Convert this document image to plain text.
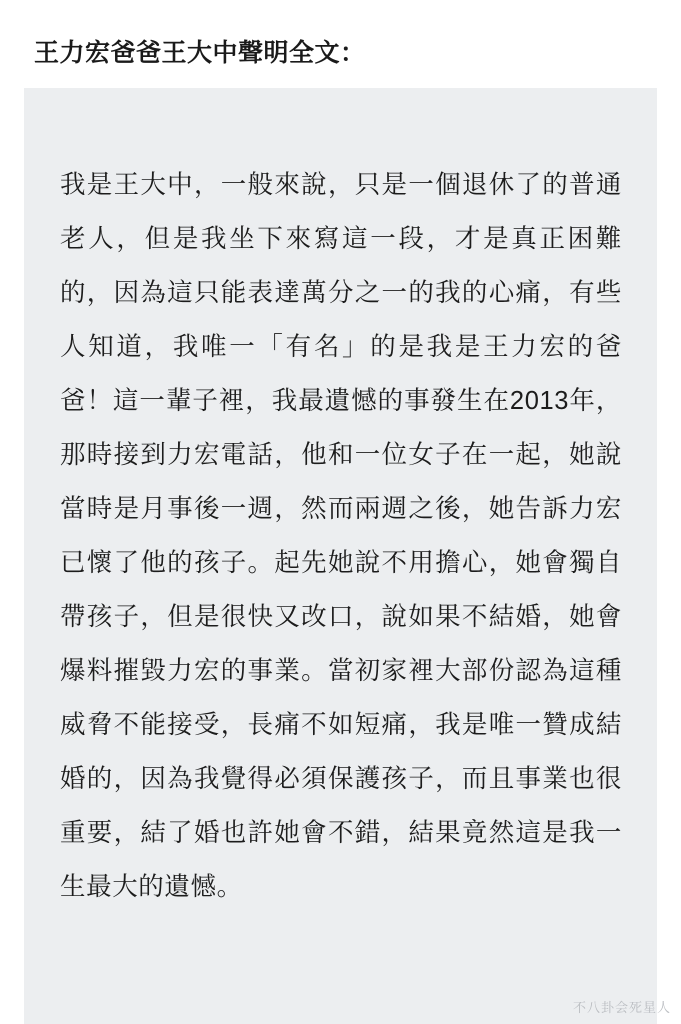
王力宏爸爸王大中聲明全文：
我是王大中，一般來說，只是一個退休了的普通老人，但是我坐下來寫這一段，才是真正困難的，因為這只能表達萬分之一的我的心痛，有些人知道，我唯一「有名」的是我是王力宏的爸爸！這一輩子裡，我最遺憾的事發生在2013年，那時接到力宏電話，他和一位女子在一起，她說當時是月事後一週，然而兩週之後，她告訴力宏已懷了他的孩子。起先她說不用擔心，她會獨自帶孩子，但是很快又改口，說如果不結婚，她會爆料摧毀力宏的事業。當初家裡大部份認為這種威脅不能接受，長痛不如短痛，我是唯一贊成結婚的，因為我覺得必須保護孩子，而且事業也很重要，結了婚也許她會不錯，結果竟然這是我一生最大的遺憾。
不八卦会死星人
